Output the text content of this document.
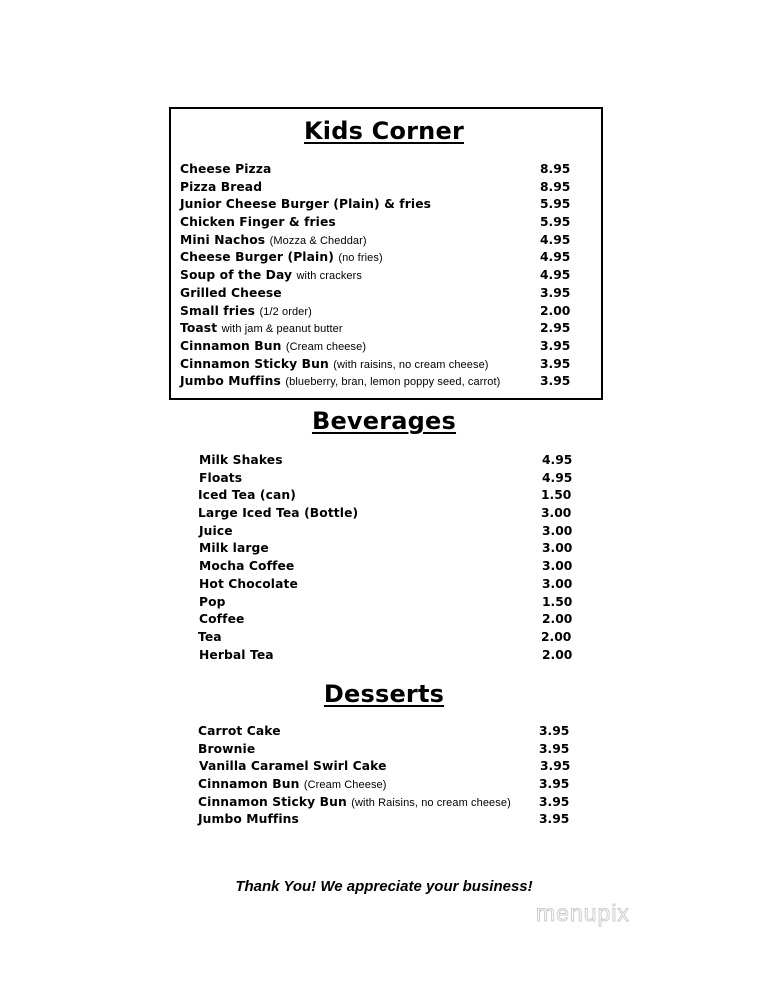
Kids Corner
Cheese Pizza	8.95
Pizza Bread	8.95
Junior Cheese Burger (Plain) & fries	5.95
Chicken Finger & fries	5.95
Mini Nachos (Mozza & Cheddar)	4.95
Cheese Burger (Plain) (no fries)	4.95
Soup of the Day with crackers	4.95
Grilled Cheese	3.95
Small fries (1/2 order)	2.00
Toast with jam & peanut butter	2.95
Cinnamon Bun (Cream cheese)	3.95
Cinnamon Sticky Bun (with raisins, no cream cheese)	3.95
Jumbo Muffins (blueberry, bran, lemon poppy seed, carrot)	3.95
Beverages
Milk Shakes	4.95
Floats	4.95
Iced Tea (can)	1.50
Large Iced Tea (Bottle)	3.00
Juice	3.00
Milk large	3.00
Mocha Coffee	3.00
Hot Chocolate	3.00
Pop	1.50
Coffee	2.00
Tea	2.00
Herbal Tea	2.00
Desserts
Carrot Cake	3.95
Brownie	3.95
Vanilla Caramel Swirl Cake	3.95
Cinnamon Bun (Cream Cheese)	3.95
Cinnamon Sticky Bun (with Raisins, no cream cheese) 3.95
Jumbo Muffins	3.95

Thank You! We appreciate your business!

menupix
